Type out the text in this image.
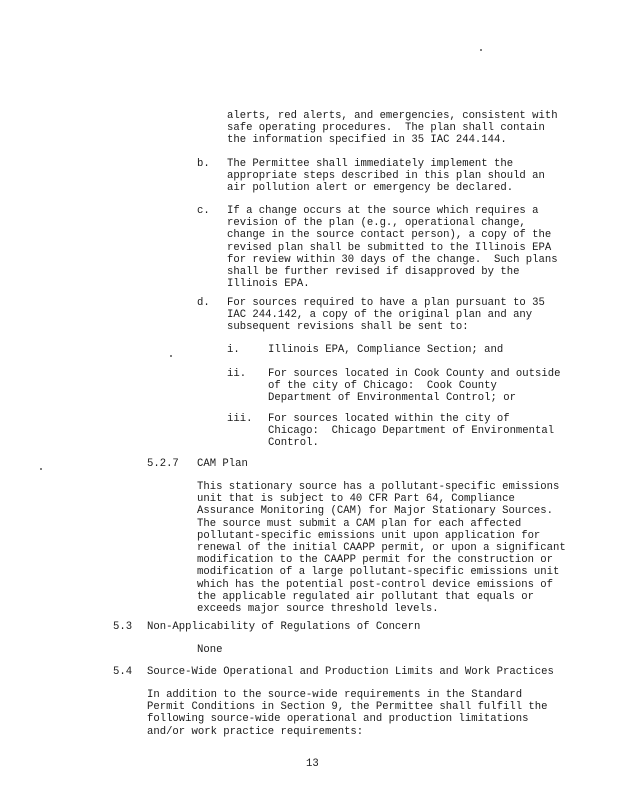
alerts, red alerts, and emergencies, consistent with
safe operating procedures.  The plan shall contain
the information specified in 35 IAC 244.144.
b. The Permittee shall immediately implement the
appropriate steps described in this plan should an
air pollution alert or emergency be declared.
c. If a change occurs at the source which requires a
revision of the plan (e.g., operational change,
change in the source contact person), a copy of the
revised plan shall be submitted to the Illinois EPA
for review within 30 days of the change.  Such plans
shall be further revised if disapproved by the
Illinois EPA.
d. For sources required to have a plan pursuant to 35
IAC 244.142, a copy of the original plan and any
subsequent revisions shall be sent to:
i.	Illinois EPA, Compliance Section; and
ii. For sources located in Cook County and outside
of the city of Chicago:  Cook County
Department of Environmental Control; or
iii. For sources located within the city of
Chicago:  Chicago Department of Environmental
Control.
5.2.7 CAM Plan
This stationary source has a pollutant-specific emissions
unit that is subject to 40 CFR Part 64, Compliance
Assurance Monitoring (CAM) for Major Stationary Sources.
The source must submit a CAM plan for each affected
pollutant-specific emissions unit upon application for
renewal of the initial CAAPP permit, or upon a significant
modification to the CAAPP permit for the construction or
modification of a large pollutant-specific emissions unit
which has the potential post-control device emissions of
the applicable regulated air pollutant that equals or
exceeds major source threshold levels.
5.3 Non-Applicability of Regulations of Concern
None
5.4 Source-Wide Operational and Production Limits and Work Practices
In addition to the source-wide requirements in the Standard
Permit Conditions in Section 9, the Permittee shall fulfill the
following source-wide operational and production limitations
and/or work practice requirements:
13
